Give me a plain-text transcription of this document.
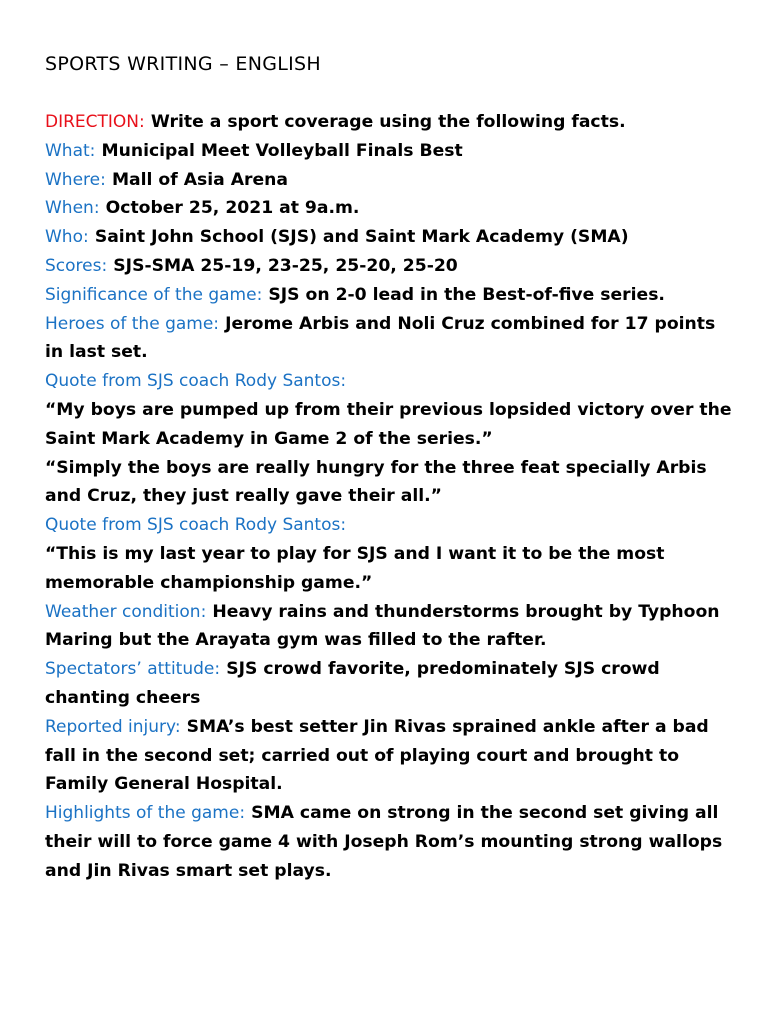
SPORTS WRITING – ENGLISH

DIRECTION: Write a sport coverage using the following facts.

What: Municipal Meet Volleyball Finals Best

Where: Mall of Asia Arena

When: October 25, 2021 at 9a.m.

Who: Saint John School (SJS) and Saint Mark Academy (SMA)

Scores: SJS-SMA 25-19, 23-25, 25-20, 25-20

Significance of the game: SJS on 2-0 lead in the Best-of-five series.

Heroes of the game: Jerome Arbis and Noli Cruz combined for 17 points in last set.

Quote from SJS coach Rody Santos:

“My boys are pumped up from their previous lopsided victory over the Saint Mark Academy in Game 2 of the series.”

“Simply the boys are really hungry for the three feat specially Arbis and Cruz, they just really gave their all.”

Quote from SJS coach Rody Santos:

“This is my last year to play for SJS and I want it to be the most memorable championship game.”

Weather condition: Heavy rains and thunderstorms brought by Typhoon Maring but the Arayata gym was filled to the rafter.

Spectators’ attitude: SJS crowd favorite, predominately SJS crowd chanting cheers

Reported injury: SMA’s best setter Jin Rivas sprained ankle after a bad fall in the second set; carried out of playing court and brought to Family General Hospital.

Highlights of the game: SMA came on strong in the second set giving all their will to force game 4 with Joseph Rom’s mounting strong wallops and Jin Rivas smart set plays.
